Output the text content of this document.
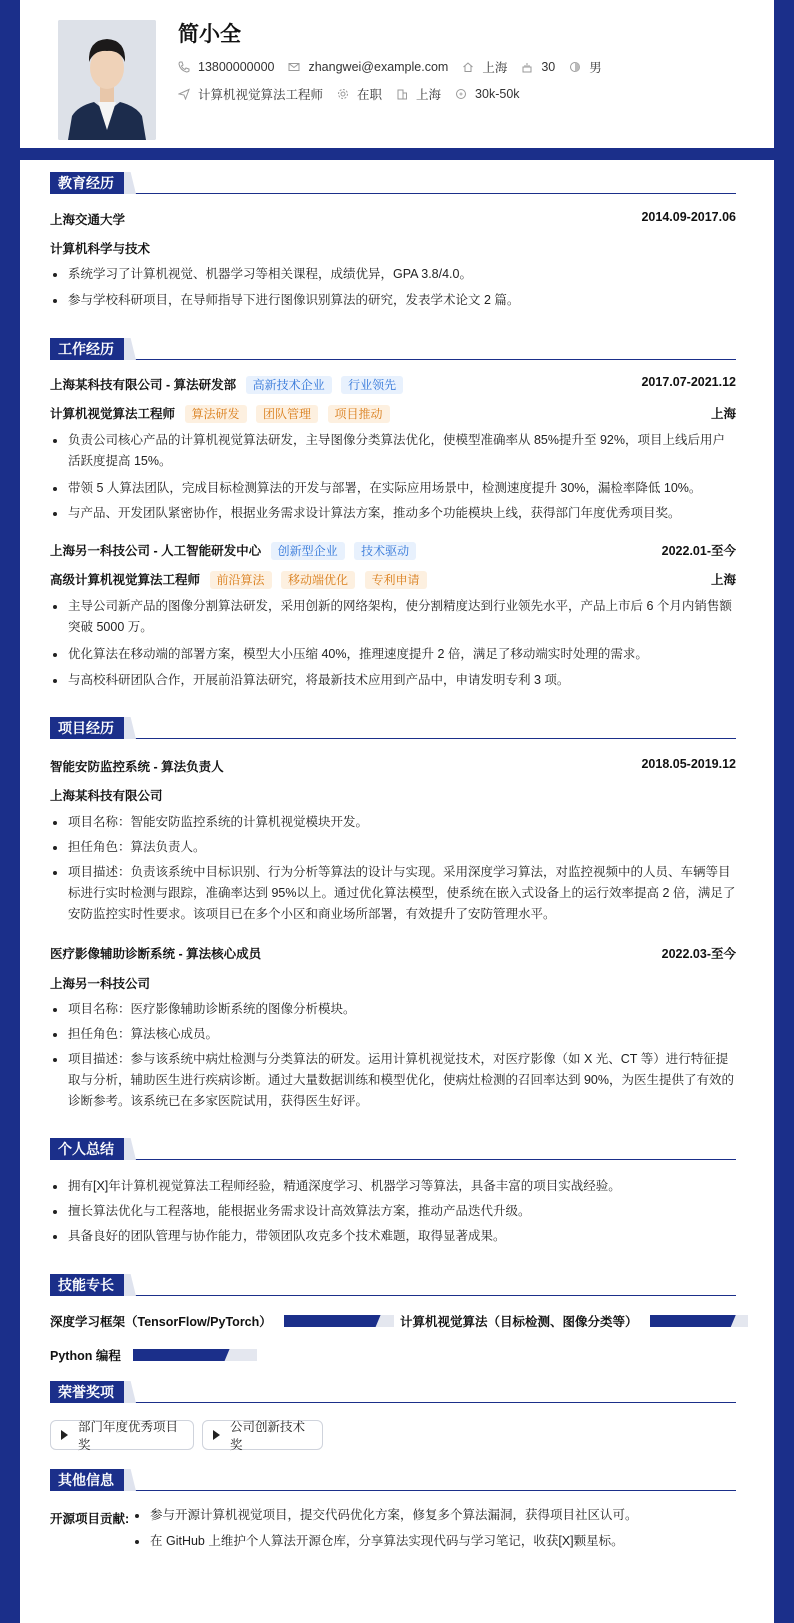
简小全
13800000000	zhangwei@example.com	上海	30	男
计算机视觉算法工程师	在职	上海	30k-50k
教育经历
上海交通大学	2014.09-2017.06
计算机科学与技术
系统学习了计算机视觉、机器学习等相关课程，成绩优异，GPA 3.8/4.0。
参与学校科研项目，在导师指导下进行图像识别算法的研究，发表学术论文 2 篇。
工作经历
上海某科技有限公司 - 算法研发部 高新技术企业 行业领先	2017.07-2021.12
计算机视觉算法工程师 算法研发 团队管理 项目推动	上海
负责公司核心产品的计算机视觉算法研发，主导图像分类算法优化，使模型准确率从 85%提升至 92%，项目上线后用户活跃度提高 15%。
带领 5 人算法团队，完成目标检测算法的开发与部署，在实际应用场景中，检测速度提升 30%，漏检率降低 10%。
与产品、开发团队紧密协作，根据业务需求设计算法方案，推动多个功能模块上线，获得部门年度优秀项目奖。
上海另一科技公司 - 人工智能研发中心 创新型企业 技术驱动	2022.01-至今
高级计算机视觉算法工程师 前沿算法 移动端优化 专利申请	上海
主导公司新产品的图像分割算法研发，采用创新的网络架构，使分割精度达到行业领先水平，产品上市后 6 个月内销售额突破 5000 万。
优化算法在移动端的部署方案，模型大小压缩 40%，推理速度提升 2 倍，满足了移动端实时处理的需求。
与高校科研团队合作，开展前沿算法研究，将最新技术应用到产品中，申请发明专利 3 项。
项目经历
智能安防监控系统 - 算法负责人	2018.05-2019.12
上海某科技有限公司
项目名称：智能安防监控系统的计算机视觉模块开发。
担任角色：算法负责人。
项目描述：负责该系统中目标识别、行为分析等算法的设计与实现。采用深度学习算法，对监控视频中的人员、车辆等目标进行实时检测与跟踪，准确率达到 95%以上。通过优化算法模型，使系统在嵌入式设备上的运行效率提高 2 倍，满足了安防监控实时性要求。该项目已在多个小区和商业场所部署，有效提升了安防管理水平。
医疗影像辅助诊断系统 - 算法核心成员	2022.03-至今
上海另一科技公司
项目名称：医疗影像辅助诊断系统的图像分析模块。
担任角色：算法核心成员。
项目描述：参与该系统中病灶检测与分类算法的研发。运用计算机视觉技术，对医疗影像（如 X 光、CT 等）进行特征提取与分析，辅助医生进行疾病诊断。通过大量数据训练和模型优化，使病灶检测的召回率达到 90%，为医生提供了有效的诊断参考。该系统已在多家医院试用，获得医生好评。
个人总结
拥有[X]年计算机视觉算法工程师经验，精通深度学习、机器学习等算法，具备丰富的项目实战经验。
擅长算法优化与工程落地，能根据业务需求设计高效算法方案，推动产品迭代升级。
具备良好的团队管理与协作能力，带领团队攻克多个技术难题，取得显著成果。
技能专长
深度学习框架（TensorFlow/PyTorch）	计算机视觉算法（目标检测、图像分类等）
Python 编程
荣誉奖项
部门年度优秀项目奖
公司创新技术奖
其他信息
开源项目贡献:	参与开源计算机视觉项目，提交代码优化方案，修复多个算法漏洞，获得项目社区认可。
在 GitHub 上维护个人算法开源仓库，分享算法实现代码与学习笔记，收获[X]颗星标。
